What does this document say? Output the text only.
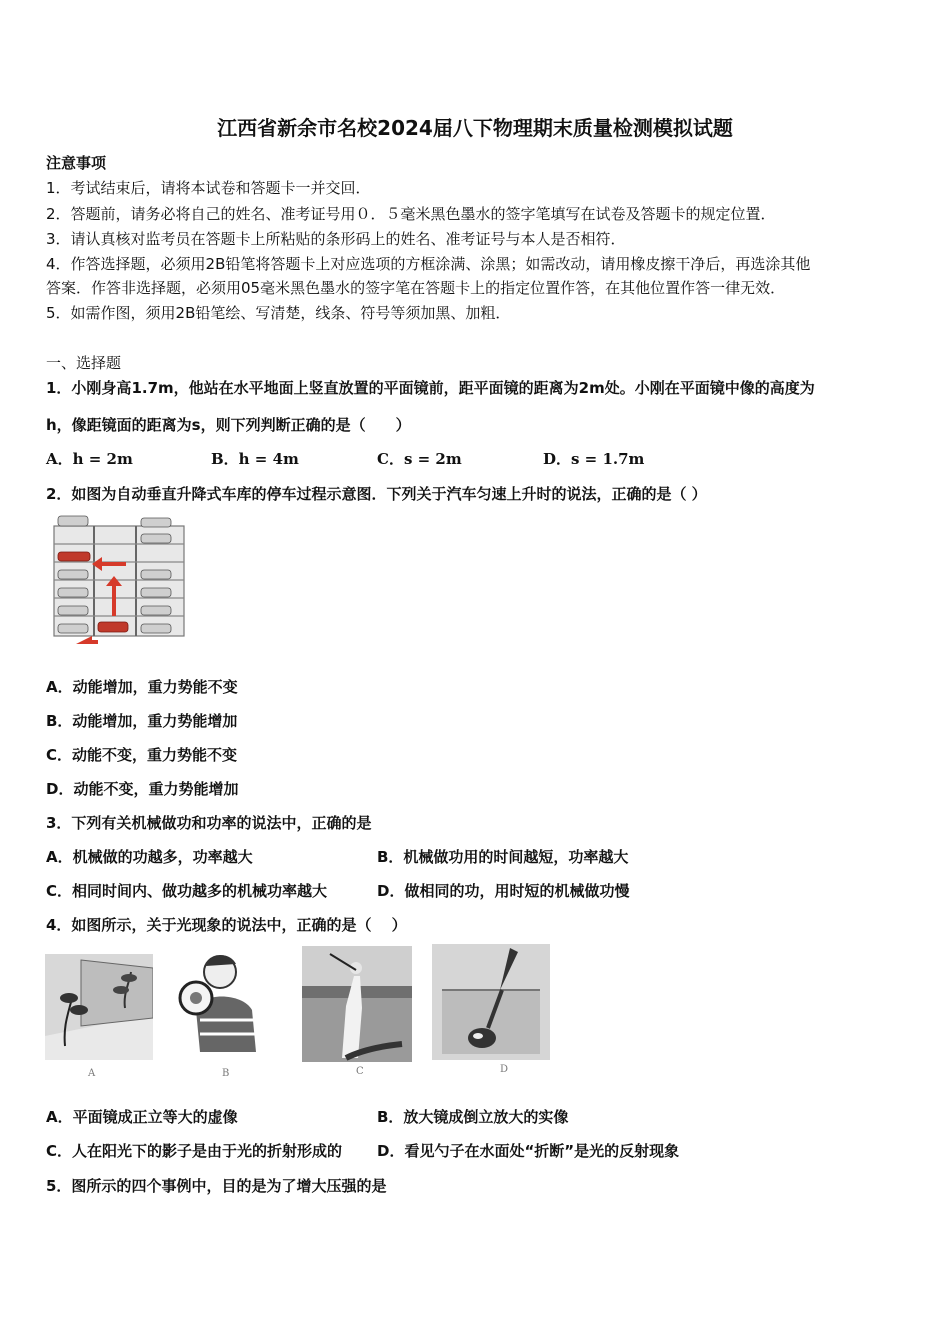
江西省新余市名校2024届八下物理期末质量检测模拟试题
注意事项
1．考试结束后，请将本试卷和答题卡一并交回．
2．答题前，请务必将自己的姓名、准考证号用０．５毫米黑色墨水的签字笔填写在试卷及答题卡的规定位置．
3．请认真核对监考员在答题卡上所粘贴的条形码上的姓名、准考证号与本人是否相符．
4．作答选择题，必须用2B铅笔将答题卡上对应选项的方框涂满、涂黑；如需改动，请用橡皮擦干净后，再选涂其他
答案．作答非选择题，必须用05毫米黑色墨水的签字笔在答题卡上的指定位置作答，在其他位置作答一律无效．
5．如需作图，须用2B铅笔绘、写清楚，线条、符号等须加黑、加粗．
一、选择题
1．小刚身高1.7m，他站在水平地面上竖直放置的平面镜前，距平面镜的距离为2m处。小刚在平面镜中像的高度为
h，像距镜面的距离为s，则下列判断正确的是（　　）
A．h = 2m	B．h = 4m	C．s = 2m	D．s = 1.7m
2．如图为自动垂直升降式车库的停车过程示意图．下列关于汽车匀速上升时的说法，正确的是（ ）
A．动能增加，重力势能不变
B．动能增加，重力势能增加
C．动能不变，重力势能不变
D．动能不变，重力势能增加
3．下列有关机械做功和功率的说法中，正确的是
A．机械做的功越多，功率越大	B．机械做功用的时间越短，功率越大
C．相同时间内、做功越多的机械功率越大	D．做相同的功，用时短的机械做功慢
4．如图所示，关于光现象的说法中，正确的是（　 ）
A	B	C	D
A．平面镜成正立等大的虚像	B．放大镜成倒立放大的实像
C．人在阳光下的影子是由于光的折射形成的 D．看见勺子在水面处“折断”是光的反射现象
5．图所示的四个事例中，目的是为了增大压强的是
